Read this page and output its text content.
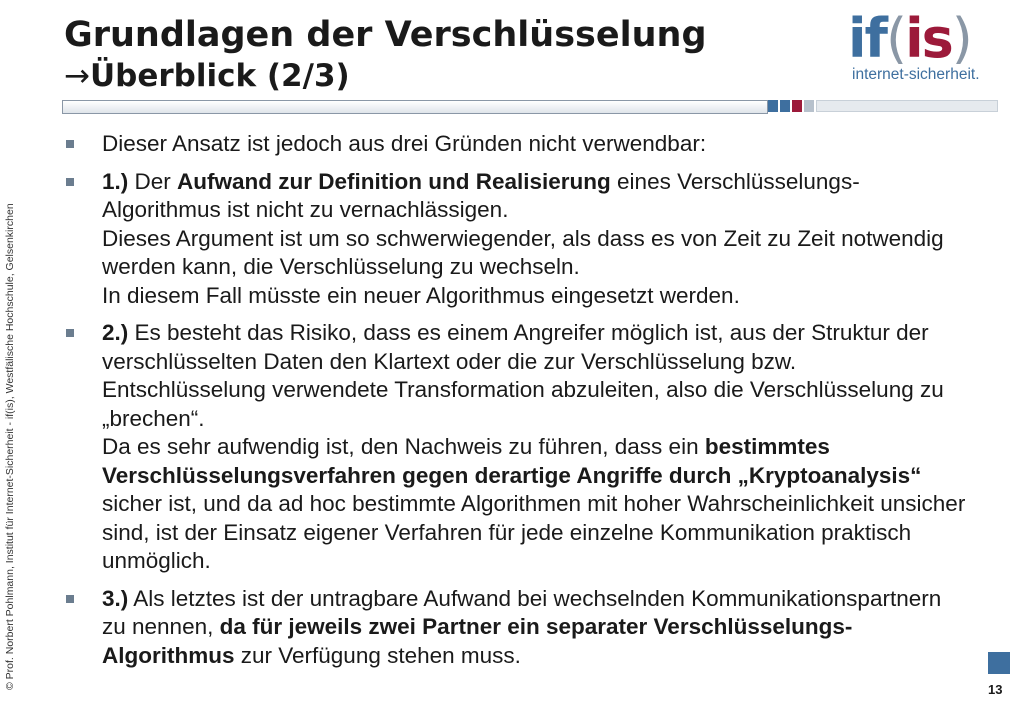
Grundlagen der Verschlüsselung
→Überblick (2/3)
if ( is )
internet-sicherheit.
© Prof. Norbert Pohlmann, Institut für Internet-Sicherheit - if(is), Westfälische Hochschule, Gelsenkirchen

Dieser Ansatz ist jedoch aus drei Gründen nicht verwendbar:

1.) Der Aufwand zur Definition und Realisierung eines Verschlüsselungs-Algorithmus ist nicht zu vernachlässigen.

Dieses Argument ist um so schwerwiegender, als dass es von Zeit zu Zeit notwendig werden kann, die Verschlüsselung zu wechseln.

In diesem Fall müsste ein neuer Algorithmus eingesetzt werden.

2.) Es besteht das Risiko, dass es einem Angreifer möglich ist, aus der Struktur der verschlüsselten Daten den Klartext oder die zur Verschlüsselung bzw. Entschlüsselung verwendete Transformation abzuleiten, also die Verschlüsselung zu „brechen“.

Da es sehr aufwendig ist, den Nachweis zu führen, dass ein bestimmtes Verschlüsselungsverfahren gegen derartige Angriffe durch „Kryptoanalysis“ sicher ist, und da ad hoc bestimmte Algorithmen mit hoher Wahrscheinlichkeit unsicher sind, ist der Einsatz eigener Verfahren für jede einzelne Kommunikation praktisch unmöglich.

3.) Als letztes ist der untragbare Aufwand bei wechselnden Kommunikationspartnern zu nennen, da für jeweils zwei Partner ein separater Verschlüsselungs-Algorithmus zur Verfügung stehen muss.

13
